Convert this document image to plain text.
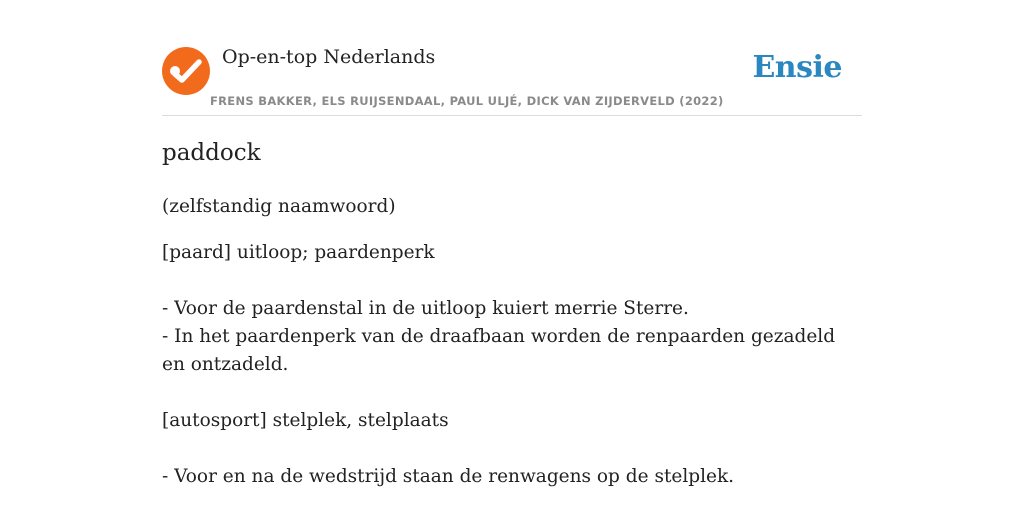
Op-en-top Nederlands	Ensie
FRENS BAKKER, ELS RUIJSENDAAL, PAUL ULJÉ, DICK VAN ZIJDERVELD (2022)
paddock
(zelfstandig naamwoord)
[paard] uitloop; paardenperk
- Voor de paardenstal in de uitloop kuiert merrie Sterre.
- In het paardenperk van de draafbaan worden de renpaarden gezadeld en ontzadeld.
[autosport] stelplek, stelplaats
- Voor en na de wedstrijd staan de renwagens op de stelplek.
